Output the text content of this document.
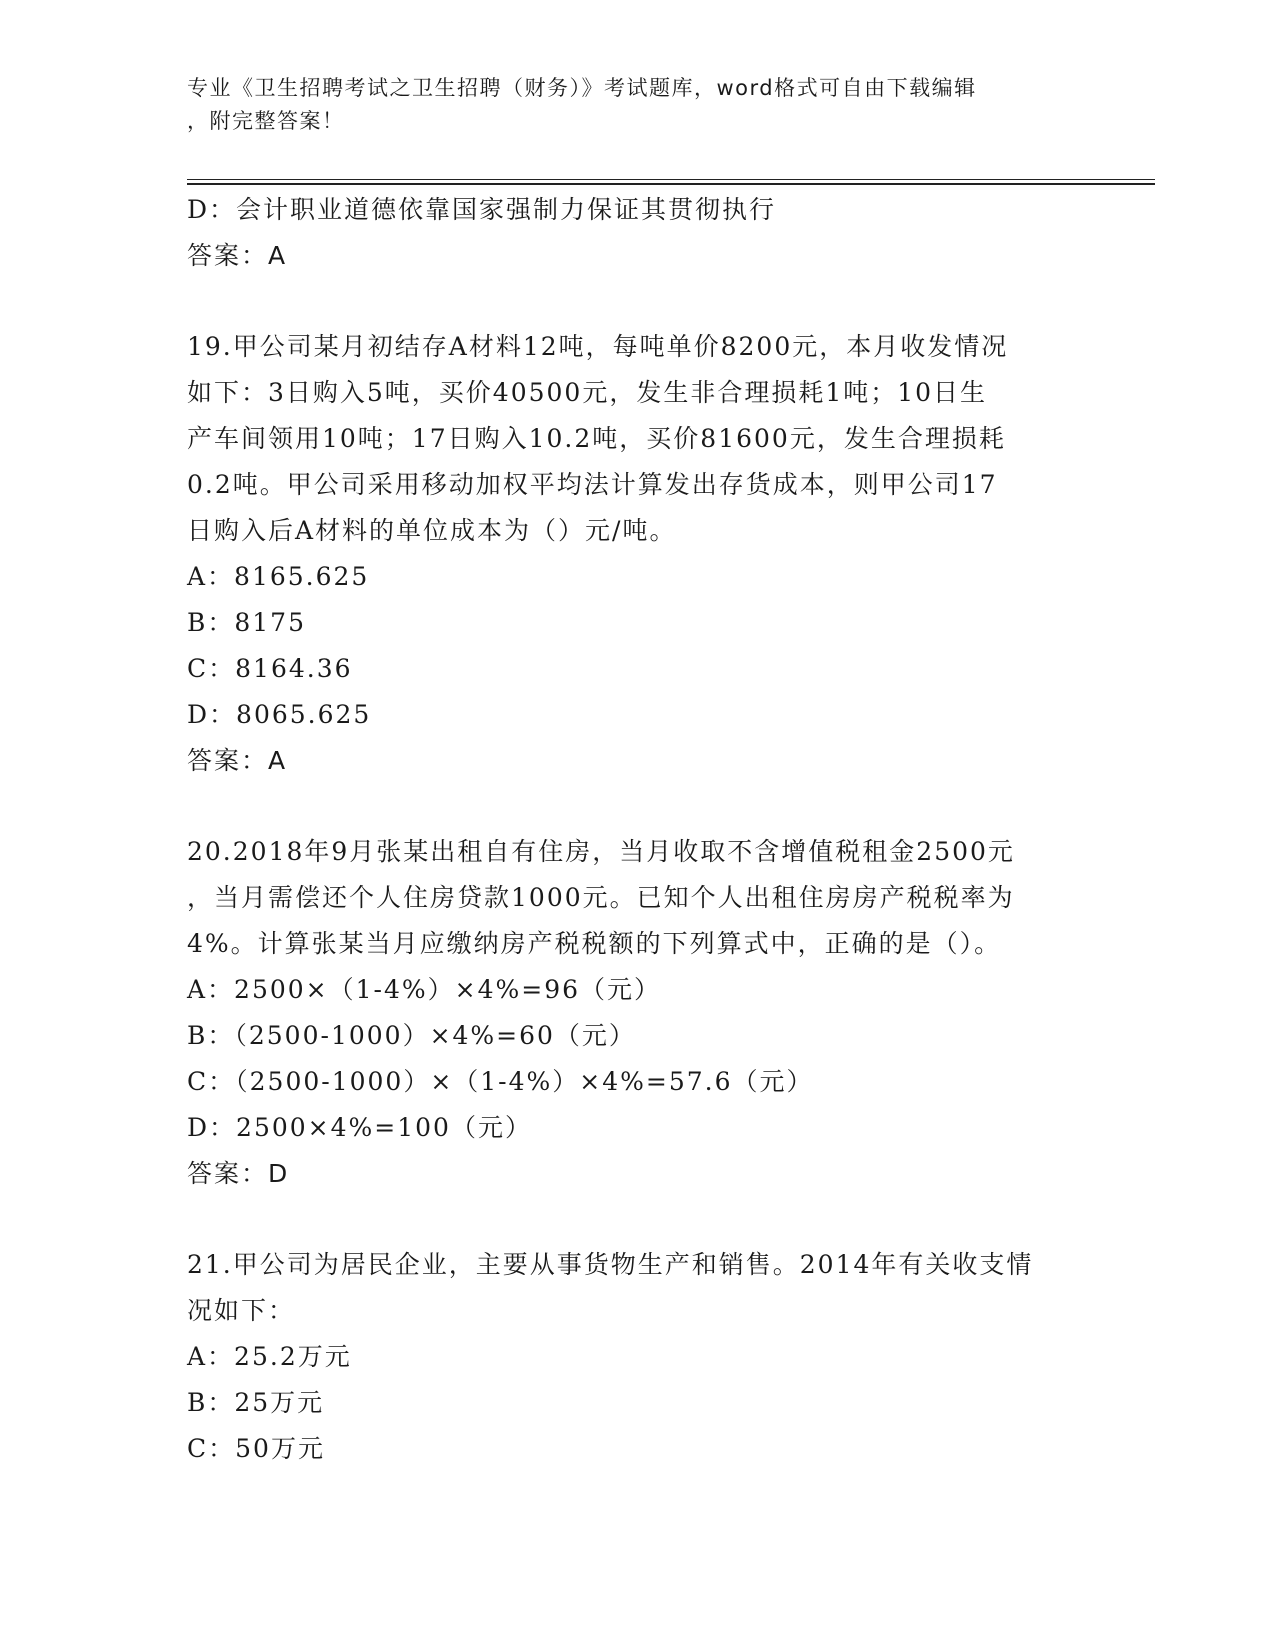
专业《卫生招聘考试之卫生招聘（财务）》考试题库，word格式可自由下载编辑
，附完整答案！
D：会计职业道德依靠国家强制力保证其贯彻执行
答案：A
19.甲公司某月初结存A材料12吨，每吨单价8200元，本月收发情况
如下：3日购入5吨，买价40500元，发生非合理损耗1吨；10日生
产车间领用10吨；17日购入10.2吨，买价81600元，发生合理损耗
0.2吨。甲公司采用移动加权平均法计算发出存货成本，则甲公司17
日购入后A材料的单位成本为（）元/吨。
A：8165.625
B：8175
C：8164.36
D：8065.625
答案：A
20.2018年9月张某出租自有住房，当月收取不含增值税租金2500元
，当月需偿还个人住房贷款1000元。已知个人出租住房房产税税率为
4%。计算张某当月应缴纳房产税税额的下列算式中，正确的是（）。
A：2500×（1-4%）×4%=96（元）
B：（2500-1000）×4%=60（元）
C：（2500-1000）×（1-4%）×4%=57.6（元）
D：2500×4%=100（元）
答案：D
21.甲公司为居民企业，主要从事货物生产和销售。2014年有关收支情
况如下：
A：25.2万元
B：25万元
C：50万元
